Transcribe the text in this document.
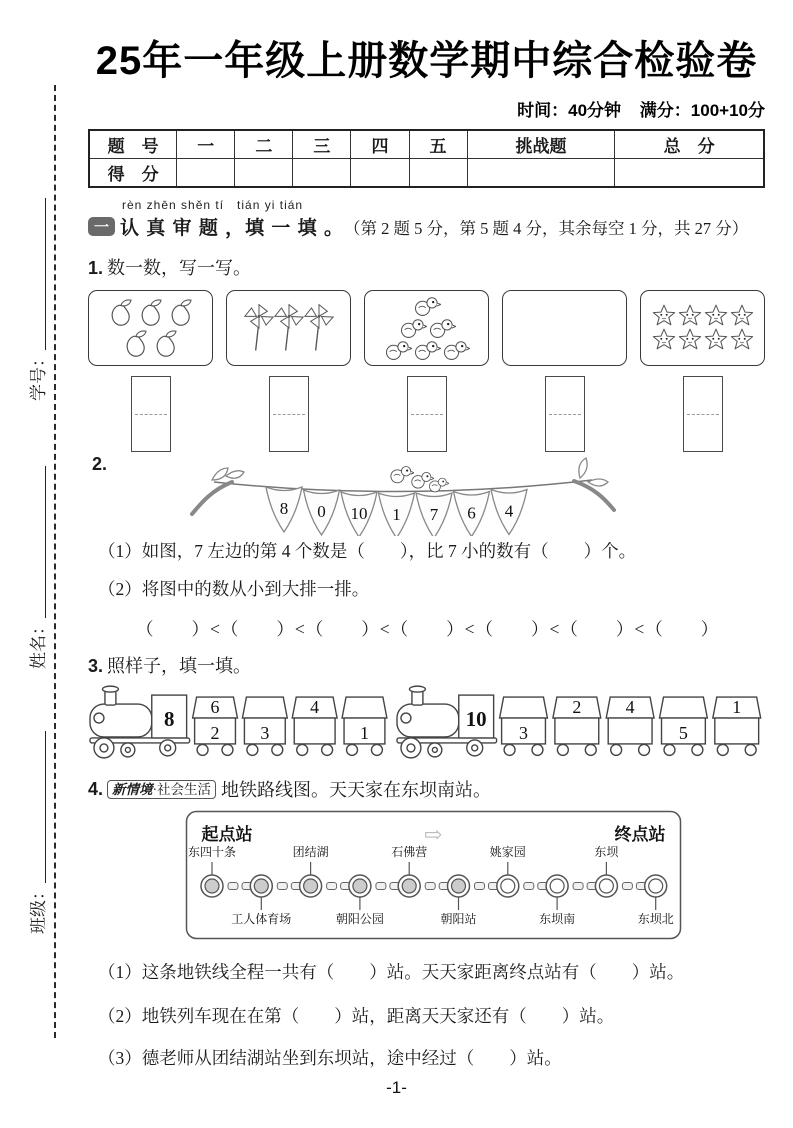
学号：
姓名：
班级：
25年一年级上册数学期中综合检验卷
时间：40分钟 满分：100+10分
题　号	一	二	三	四	五	挑战题	总　分
得　分							
rèn zhēn shěn tí　tián yi tián
一 认 真 审 题 ，填 一 填 。 （第 2 题 5 分，第 5 题 4 分，其余每空 1 分，共 27 分）
1. 数一数，写一写。
2.
8 0 10 1 7 6 4
（1）如图，7 左边的第 4 个数是（　　），比 7 小的数有（　　）个。
（2）将图中的数从小到大排一排。
（　　）<（　　）<（　　）<（　　）<（　　）<（　　）<（　　）
3. 照样子，填一填。
8 6
2 3
4
1
10
3
2 4
5
1
4. 新情境·社会生活 地铁路线图。天天家在东坝南站。
起点站	终点站
⇨
东四十条
工人体育场
团结湖
朝阳公园
石佛营
朝阳站
姚家园
东坝南
东坝
东坝北
（1）这条地铁线全程一共有（　　）站。天天家距离终点站有（　　）站。
（2）地铁列车现在在第（　　）站，距离天天家还有（　　）站。
（3）德老师从团结湖站坐到东坝站，途中经过（　　）站。
-1-
